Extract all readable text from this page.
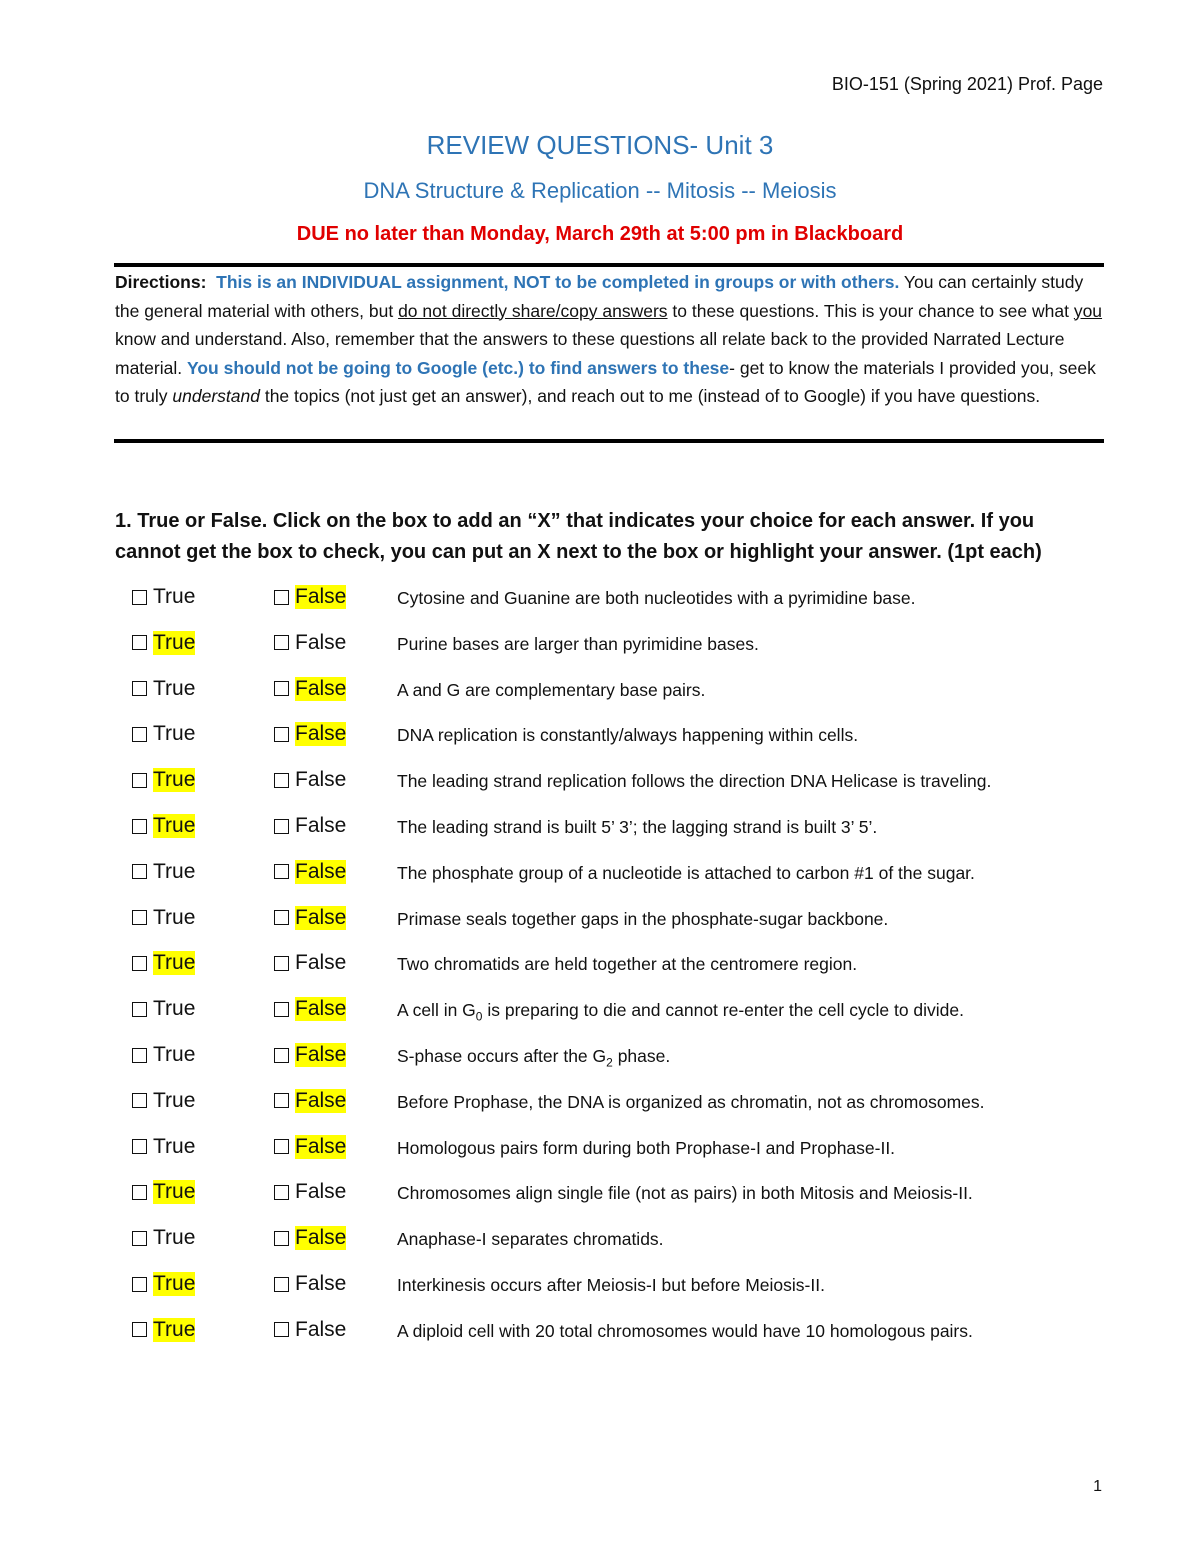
BIO-151 (Spring 2021) Prof. Page
REVIEW QUESTIONS- Unit 3
DNA Structure & Replication -- Mitosis -- Meiosis
DUE no later than Monday, March 29th at 5:00 pm in Blackboard
Directions: This is an INDIVIDUAL assignment, NOT to be completed in groups or with others. You can certainly study the general material with others, but do not directly share/copy answers to these questions. This is your chance to see what you know and understand. Also, remember that the answers to these questions all relate back to the provided Narrated Lecture material. You should not be going to Google (etc.) to find answers to these- get to know the materials I provided you, seek to truly understand the topics (not just get an answer), and reach out to me (instead of to Google) if you have questions.
1. True or False. Click on the box to add an “X” that indicates your choice for each answer. If you cannot get the box to check, you can put an X next to the box or highlight your answer. (1pt each)
True	False	Cytosine and Guanine are both nucleotides with a pyrimidine base.
True	False	Purine bases are larger than pyrimidine bases.
True	False	A and G are complementary base pairs.
True	False	DNA replication is constantly/always happening within cells.
True	False	The leading strand replication follows the direction DNA Helicase is traveling.
True	False	The leading strand is built 5’ 3’; the lagging strand is built 3’ 5’.
True	False	The phosphate group of a nucleotide is attached to carbon #1 of the sugar.
True	False	Primase seals together gaps in the phosphate-sugar backbone.
True	False	Two chromatids are held together at the centromere region.
True	False	A cell in $G_0$ is preparing to die and cannot re-enter the cell cycle to divide.
True	False	S-phase occurs after the $G_2$ phase.
True	False	Before Prophase, the DNA is organized as chromatin, not as chromosomes.
True	False	Homologous pairs form during both Prophase-I and Prophase-II.
True	False	Chromosomes align single file (not as pairs) in both Mitosis and Meiosis-II.
True	False	Anaphase-I separates chromatids.
True	False	Interkinesis occurs after Meiosis-I but before Meiosis-II.
True	False	A diploid cell with 20 total chromosomes would have 10 homologous pairs.
1
